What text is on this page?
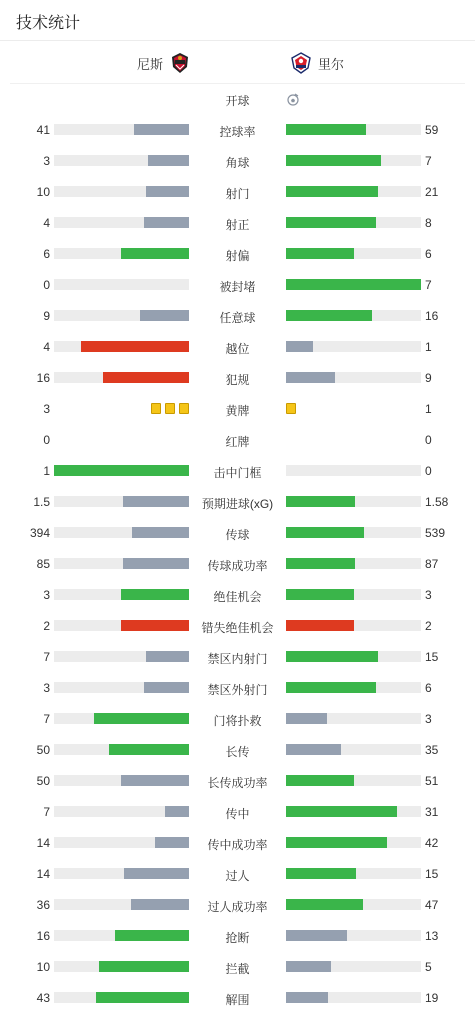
技术统计
尼斯	里尔
开球
41	控球率	59
3	角球	7
10	射门	21
4	射正	8
6	射偏	6
0	被封堵	7
9	任意球	16
4	越位	1
16	犯规	9
3	黄牌	1
0	红牌	0
1	击中门框	0
1.5	预期进球(xG)	1.58
394	传球	539
85	传球成功率	87
3	绝佳机会	3
2	错失绝佳机会	2
7	禁区内射门	15
3	禁区外射门	6
7	门将扑救	3
50	长传	35
50	长传成功率	51
7	传中	31
14	传中成功率	42
14	过人	15
36	过人成功率	47
16	抢断	13
10	拦截	5
43	解围	19
